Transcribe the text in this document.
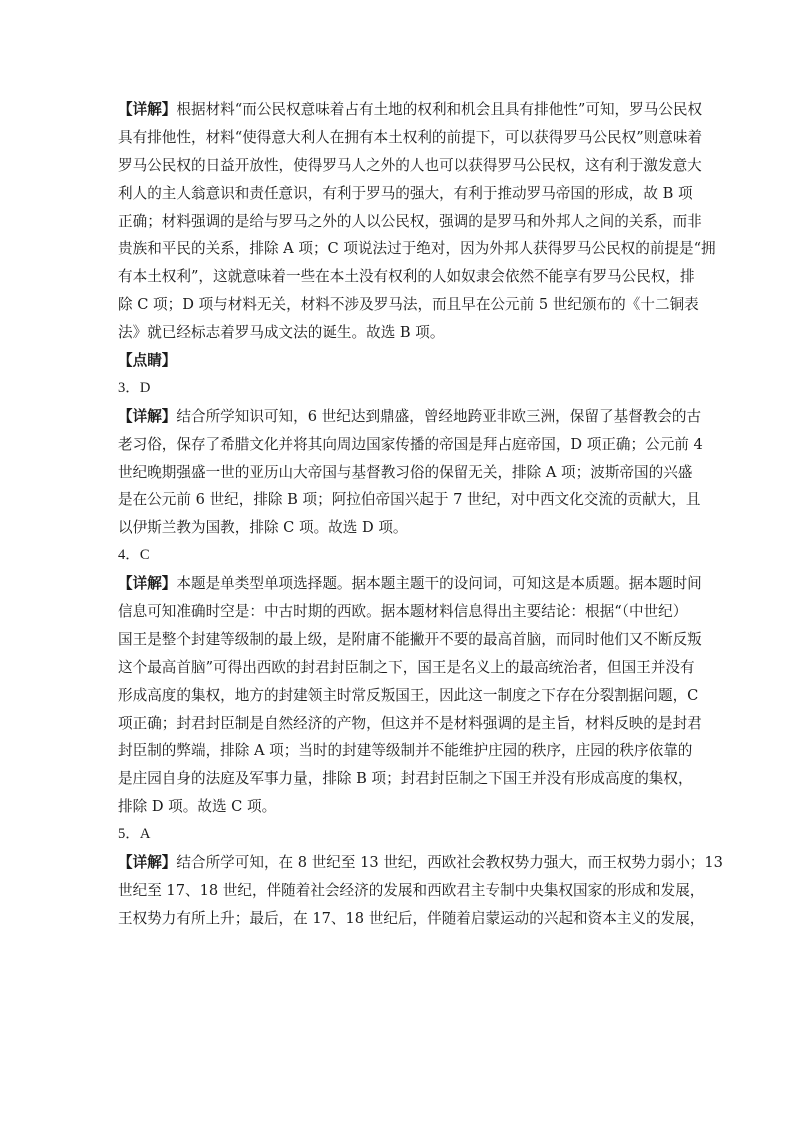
【详解】根据材料“而公民权意味着占有土地的权利和机会且具有排他性”可知，罗马公民权
具有排他性，材料“使得意大利人在拥有本土权利的前提下，可以获得罗马公民权”则意味着
罗马公民权的日益开放性，使得罗马人之外的人也可以获得罗马公民权，这有利于激发意大
利人的主人翁意识和责任意识，有利于罗马的强大，有利于推动罗马帝国的形成，故 B 项
正确；材料强调的是给与罗马之外的人以公民权，强调的是罗马和外邦人之间的关系，而非
贵族和平民的关系，排除 A 项；C 项说法过于绝对，因为外邦人获得罗马公民权的前提是“拥
有本土权利”，这就意味着一些在本土没有权利的人如奴隶会依然不能享有罗马公民权，排
除 C 项；D 项与材料无关，材料不涉及罗马法，而且早在公元前 5 世纪颁布的《十二铜表
法》就已经标志着罗马成文法的诞生。故选 B 项。
【点睛】
3．D
【详解】结合所学知识可知，6 世纪达到鼎盛，曾经地跨亚非欧三洲，保留了基督教会的古
老习俗，保存了希腊文化并将其向周边国家传播的帝国是拜占庭帝国，D 项正确；公元前 4
世纪晚期强盛一世的亚历山大帝国与基督教习俗的保留无关，排除 A 项；波斯帝国的兴盛
是在公元前 6 世纪，排除 B 项；阿拉伯帝国兴起于 7 世纪，对中西文化交流的贡献大，且
以伊斯兰教为国教，排除 C 项。故选 D 项。
4．C
【详解】本题是单类型单项选择题。据本题主题干的设问词，可知这是本质题。据本题时间
信息可知准确时空是：中古时期的西欧。据本题材料信息得出主要结论：根据“（中世纪）
国王是整个封建等级制的最上级，是附庸不能撇开不要的最高首脑，而同时他们又不断反叛
这个最高首脑”可得出西欧的封君封臣制之下，国王是名义上的最高统治者，但国王并没有
形成高度的集权，地方的封建领主时常反叛国王，因此这一制度之下存在分裂割据问题，C
项正确；封君封臣制是自然经济的产物，但这并不是材料强调的是主旨，材料反映的是封君
封臣制的弊端，排除 A 项；当时的封建等级制并不能维护庄园的秩序，庄园的秩序依靠的
是庄园自身的法庭及军事力量，排除 B 项；封君封臣制之下国王并没有形成高度的集权，
排除 D 项。故选 C 项。
5．A
【详解】结合所学可知，在 8 世纪至 13 世纪，西欧社会教权势力强大，而王权势力弱小；13
世纪至 17、18 世纪，伴随着社会经济的发展和西欧君主专制中央集权国家的形成和发展，
王权势力有所上升；最后，在 17、18 世纪后，伴随着启蒙运动的兴起和资本主义的发展，
